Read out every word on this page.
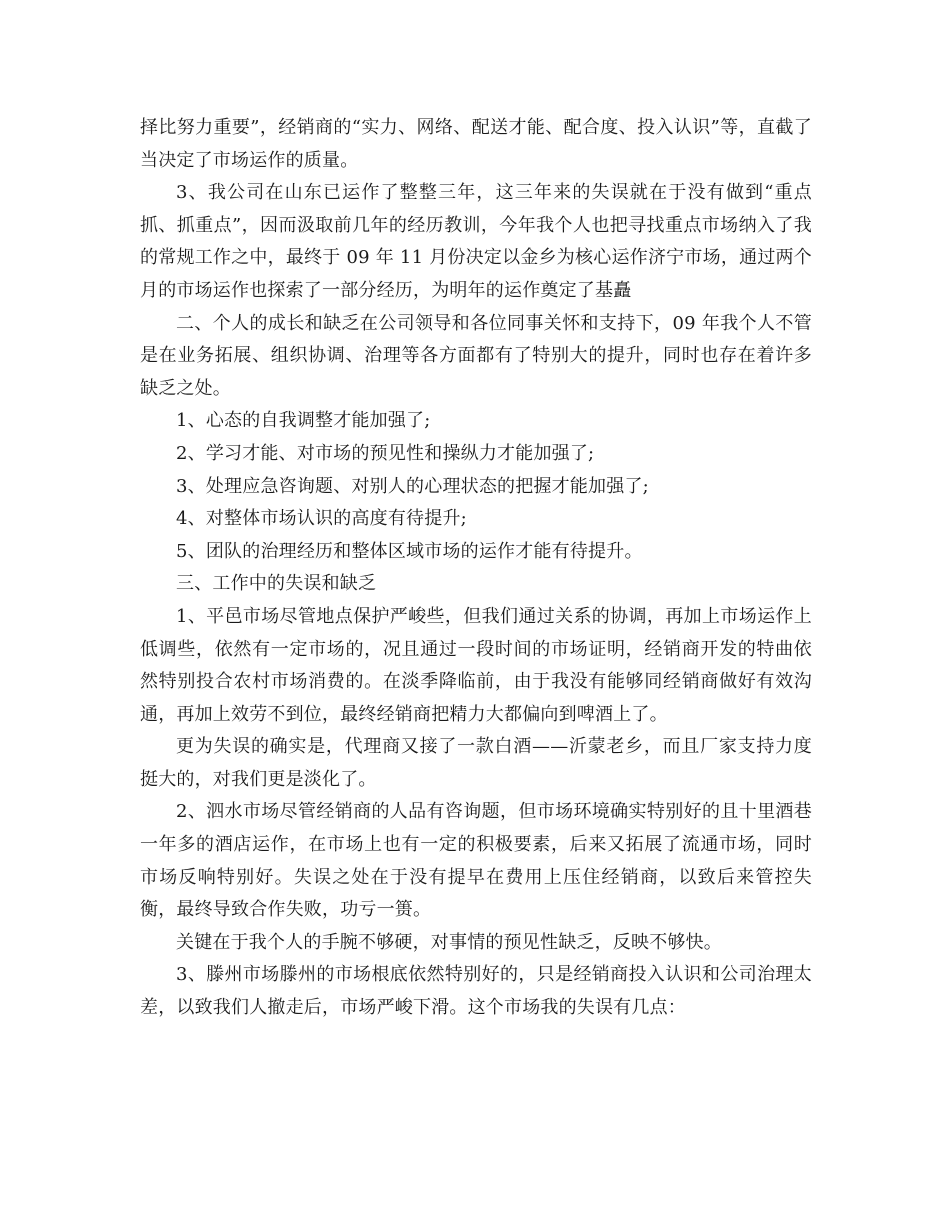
择比努力重要”，经销商的“实力、网络、配送才能、配合度、投入认识”等，直截了当决定了市场运作的质量。

3、我公司在山东已运作了整整三年，这三年来的失误就在于没有做到“重点抓、抓重点”，因而汲取前几年的经历教训，今年我个人也把寻找重点市场纳入了我的常规工作之中，最终于 09 年 11 月份决定以金乡为核心运作济宁市场，通过两个月的市场运作也探索了一部分经历，为明年的运作奠定了基矗

二、个人的成长和缺乏在公司领导和各位同事关怀和支持下，09 年我个人不管是在业务拓展、组织协调、治理等各方面都有了特别大的提升，同时也存在着许多缺乏之处。

1、心态的自我调整才能加强了;

2、学习才能、对市场的预见性和操纵力才能加强了;

3、处理应急咨询题、对别人的心理状态的把握才能加强了;

4、对整体市场认识的高度有待提升;

5、团队的治理经历和整体区域市场的运作才能有待提升。

三、工作中的失误和缺乏

1、平邑市场尽管地点保护严峻些，但我们通过关系的协调，再加上市场运作上低调些，依然有一定市场的，况且通过一段时间的市场证明，经销商开发的特曲依然特别投合农村市场消费的。在淡季降临前，由于我没有能够同经销商做好有效沟通，再加上效劳不到位，最终经销商把精力大都偏向到啤酒上了。

更为失误的确实是，代理商又接了一款白酒——沂蒙老乡，而且厂家支持力度挺大的，对我们更是淡化了。

2、泗水市场尽管经销商的人品有咨询题，但市场环境确实特别好的且十里酒巷一年多的酒店运作，在市场上也有一定的积极要素，后来又拓展了流通市场，同时市场反响特别好。失误之处在于没有提早在费用上压住经销商，以致后来管控失衡，最终导致合作失败，功亏一篑。

关键在于我个人的手腕不够硬，对事情的预见性缺乏，反映不够快。

3、滕州市场滕州的市场根底依然特别好的，只是经销商投入认识和公司治理太差，以致我们人撤走后，市场严峻下滑。这个市场我的失误有几点：
